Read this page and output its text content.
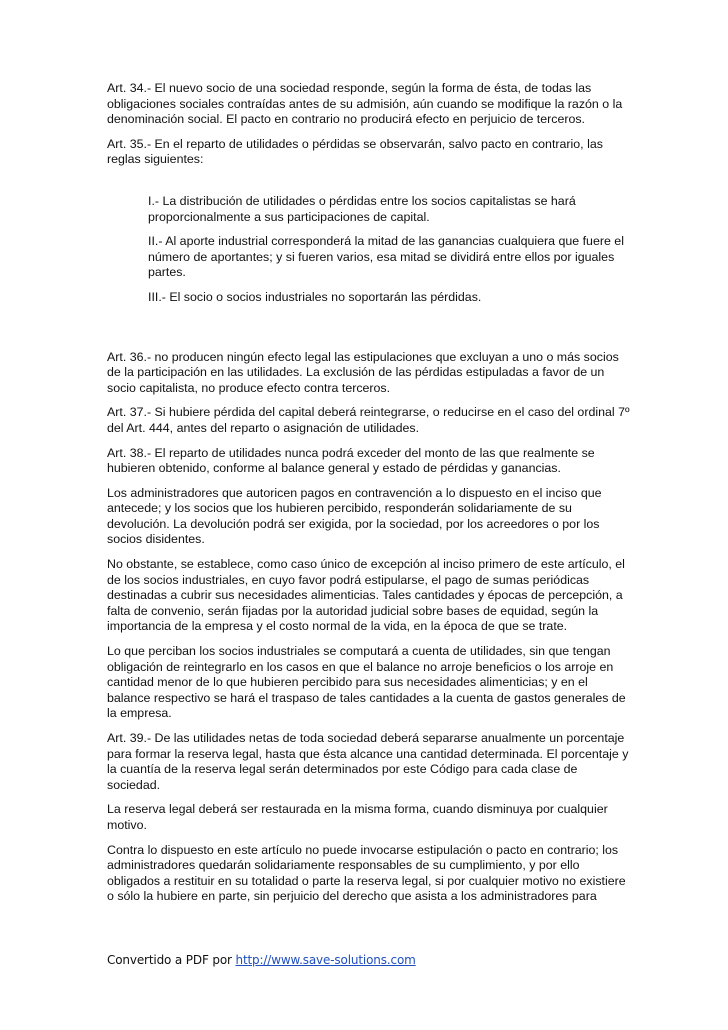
Art. 34.- El nuevo socio de una sociedad responde, según la forma de ésta, de todas las obligaciones sociales contraídas antes de su admisión, aún cuando se modifique la razón o la denominación social. El pacto en contrario no producirá efecto en perjuicio de terceros.

Art. 35.- En el reparto de utilidades o pérdidas se observarán, salvo pacto en contrario, las reglas siguientes:

I.- La distribución de utilidades o pérdidas entre los socios capitalistas se hará proporcionalmente a sus participaciones de capital.

II.- Al aporte industrial corresponderá la mitad de las ganancias cualquiera que fuere el número de aportantes; y si fueren varios, esa mitad se dividirá entre ellos por iguales partes.

III.- El socio o socios industriales no soportarán las pérdidas.

Art. 36.- no producen ningún efecto legal las estipulaciones que excluyan a uno o más socios de la participación en las utilidades. La exclusión de las pérdidas estipuladas a favor de un socio capitalista, no produce efecto contra terceros.

Art. 37.- Si hubiere pérdida del capital deberá reintegrarse, o reducirse en el caso del ordinal 7º del Art. 444, antes del reparto o asignación de utilidades.

Art. 38.- El reparto de utilidades nunca podrá exceder del monto de las que realmente se hubieren obtenido, conforme al balance general y estado de pérdidas y ganancias.

Los administradores que autoricen pagos en contravención a lo dispuesto en el inciso que antecede; y los socios que los hubieren percibido, responderán solidariamente de su devolución. La devolución podrá ser exigida, por la sociedad, por los acreedores o por los socios disidentes.

No obstante, se establece, como caso único de excepción al inciso primero de este artículo, el de los socios industriales, en cuyo favor podrá estipularse, el pago de sumas periódicas destinadas a cubrir sus necesidades alimenticias. Tales cantidades y épocas de percepción, a falta de convenio, serán fijadas por la autoridad judicial sobre bases de equidad, según la importancia de la empresa y el costo normal de la vida, en la época de que se trate.

Lo que perciban los socios industriales se computará a cuenta de utilidades, sin que tengan obligación de reintegrarlo en los casos en que el balance no arroje beneficios o los arroje en cantidad menor de lo que hubieren percibido para sus necesidades alimenticias; y en el balance respectivo se hará el traspaso de tales cantidades a la cuenta de gastos generales de la empresa.

Art. 39.- De las utilidades netas de toda sociedad deberá separarse anualmente un porcentaje para formar la reserva legal, hasta que ésta alcance una cantidad determinada. El porcentaje y la cuantía de la reserva legal serán determinados por este Código para cada clase de sociedad.

La reserva legal deberá ser restaurada en la misma forma, cuando disminuya por cualquier motivo.

Contra lo dispuesto en este artículo no puede invocarse estipulación o pacto en contrario; los administradores quedarán solidariamente responsables de su cumplimiento, y por ello obligados a restituir en su totalidad o parte la reserva legal, si por cualquier motivo no existiere o sólo la hubiere en parte, sin perjuicio del derecho que asista a los administradores para

Convertido a PDF por http://www.save-solutions.com
